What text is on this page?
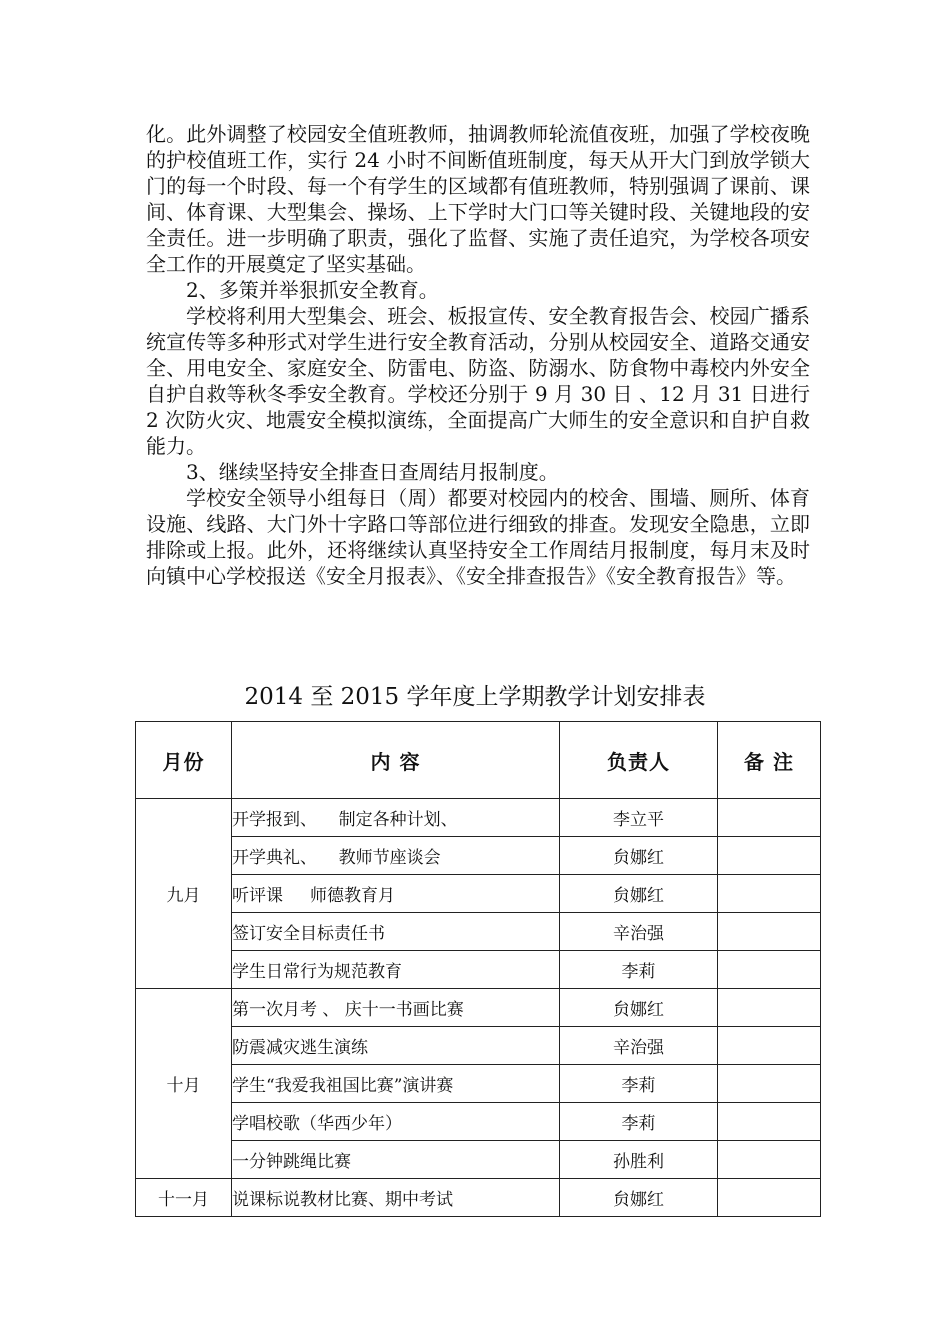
化。此外调整了校园安全值班教师，抽调教师轮流值夜班，加强了学校夜晚的护校值班工作，实行 24 小时不间断值班制度，每天从开大门到放学锁大门的每一个时段、每一个有学生的区域都有值班教师，特别强调了课前、课间、体育课、大型集会、操场、上下学时大门口等关键时段、关键地段的安全责任。进一步明确了职责，强化了监督、实施了责任追究，为学校各项安全工作的开展奠定了坚实基础。

2、多策并举狠抓安全教育。

学校将利用大型集会、班会、板报宣传、安全教育报告会、校园广播系统宣传等多种形式对学生进行安全教育活动，分别从校园安全、道路交通安全、用电安全、家庭安全、防雷电、防盗、防溺水、防食物中毒校内外安全自护自救等秋冬季安全教育。学校还分别于 9 月 30 日 、12 月 31 日进行 2 次防火灾、地震安全模拟演练，全面提高广大师生的安全意识和自护自救能力。

3、继续坚持安全排查日查周结月报制度。

学校安全领导小组每日（周）都要对校园内的校舍、围墙、厕所、体育设施、线路、大门外十字路口等部位进行细致的排查。发现安全隐患，立即排除或上报。此外，还将继续认真坚持安全工作周结月报制度，每月末及时向镇中心学校报送《安全月报表》、《安全排查报告》《安全教育报告》等。

2014 至 2015 学年度上学期教学计划安排表
月份	内 容	负责人	备 注
九月	开学报到、    制定各种计划、	李立平	
	开学典礼、    教师节座谈会	贠娜红	
	听评课     师德教育月	贠娜红	
	签订安全目标责任书	辛治强	
	学生日常行为规范教育	李莉	
十月	第一次月考 、 庆十一书画比赛	贠娜红	
	防震减灾逃生演练	辛治强	
	学生“我爱我祖国比赛”演讲赛	李莉	
	学唱校歌（华西少年）	李莉	
	一分钟跳绳比赛	孙胜利	
十一月	说课标说教材比赛、期中考试	贠娜红	
